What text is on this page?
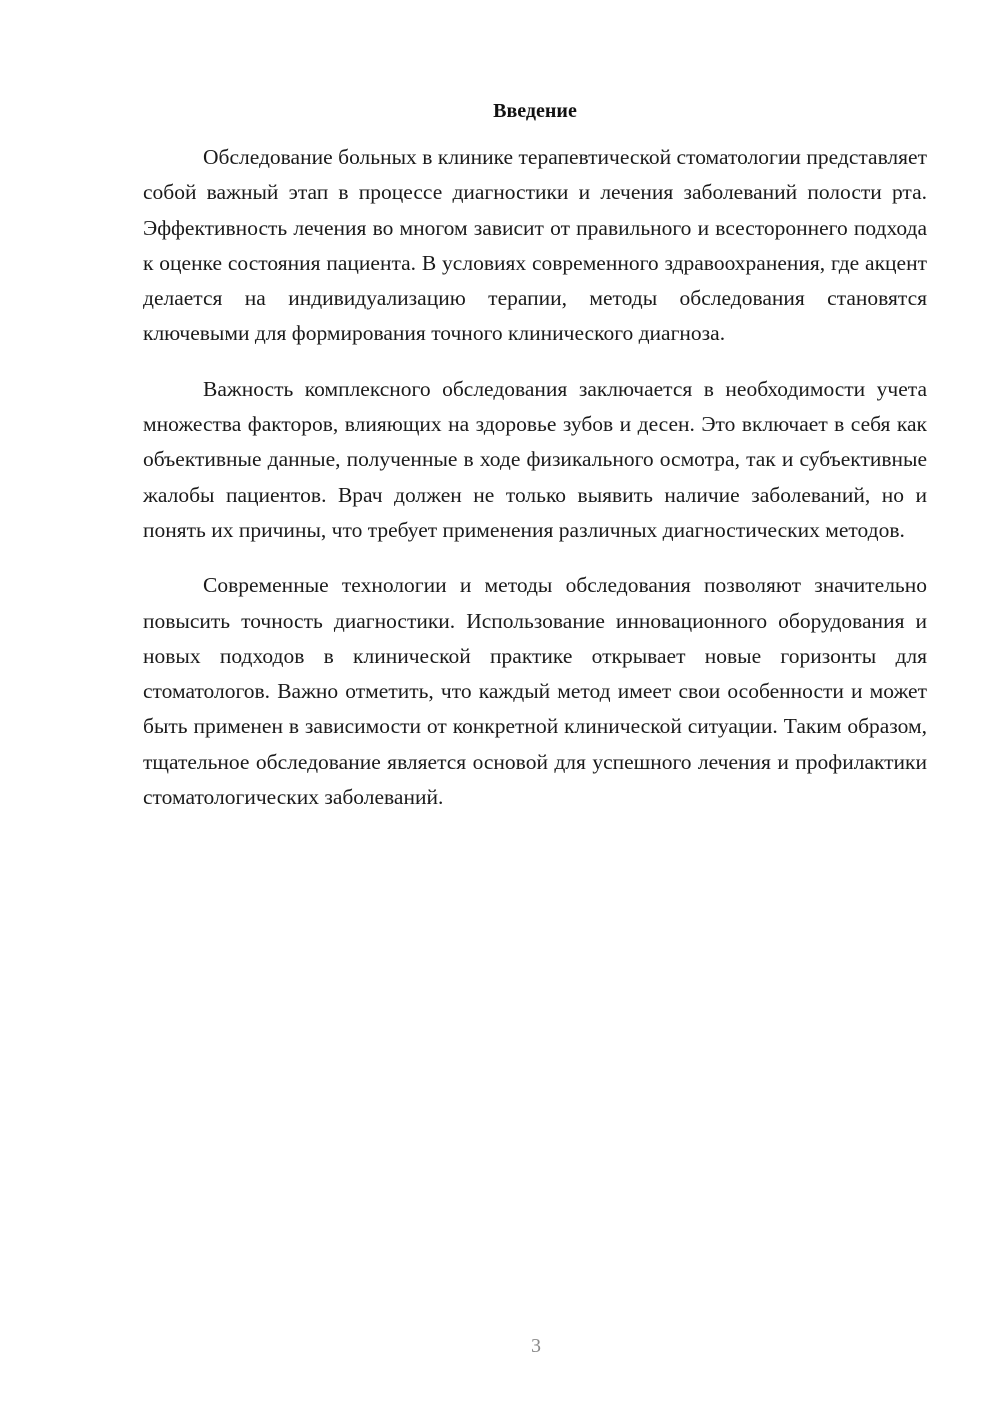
Введение

Обследование больных в клинике терапевтической стоматологии представляет собой важный этап в процессе диагностики и лечения заболеваний полости рта. Эффективность лечения во многом зависит от правильного и всестороннего подхода к оценке состояния пациента. В условиях современного здравоохранения, где акцент делается на индивидуализацию терапии, методы обследования становятся ключевыми для формирования точного клинического диагноза.

Важность комплексного обследования заключается в необходимости учета множества факторов, влияющих на здоровье зубов и десен. Это включает в себя как объективные данные, полученные в ходе физикального осмотра, так и субъективные жалобы пациентов. Врач должен не только выявить наличие заболеваний, но и понять их причины, что требует применения различных диагностических методов.

Современные технологии и методы обследования позволяют значительно повысить точность диагностики. Использование инновационного оборудования и новых подходов в клинической практике открывает новые горизонты для стоматологов. Важно отметить, что каждый метод имеет свои особенности и может быть применен в зависимости от конкретной клинической ситуации. Таким образом, тщательное обследование является основой для успешного лечения и профилактики стоматологических заболеваний.

3
